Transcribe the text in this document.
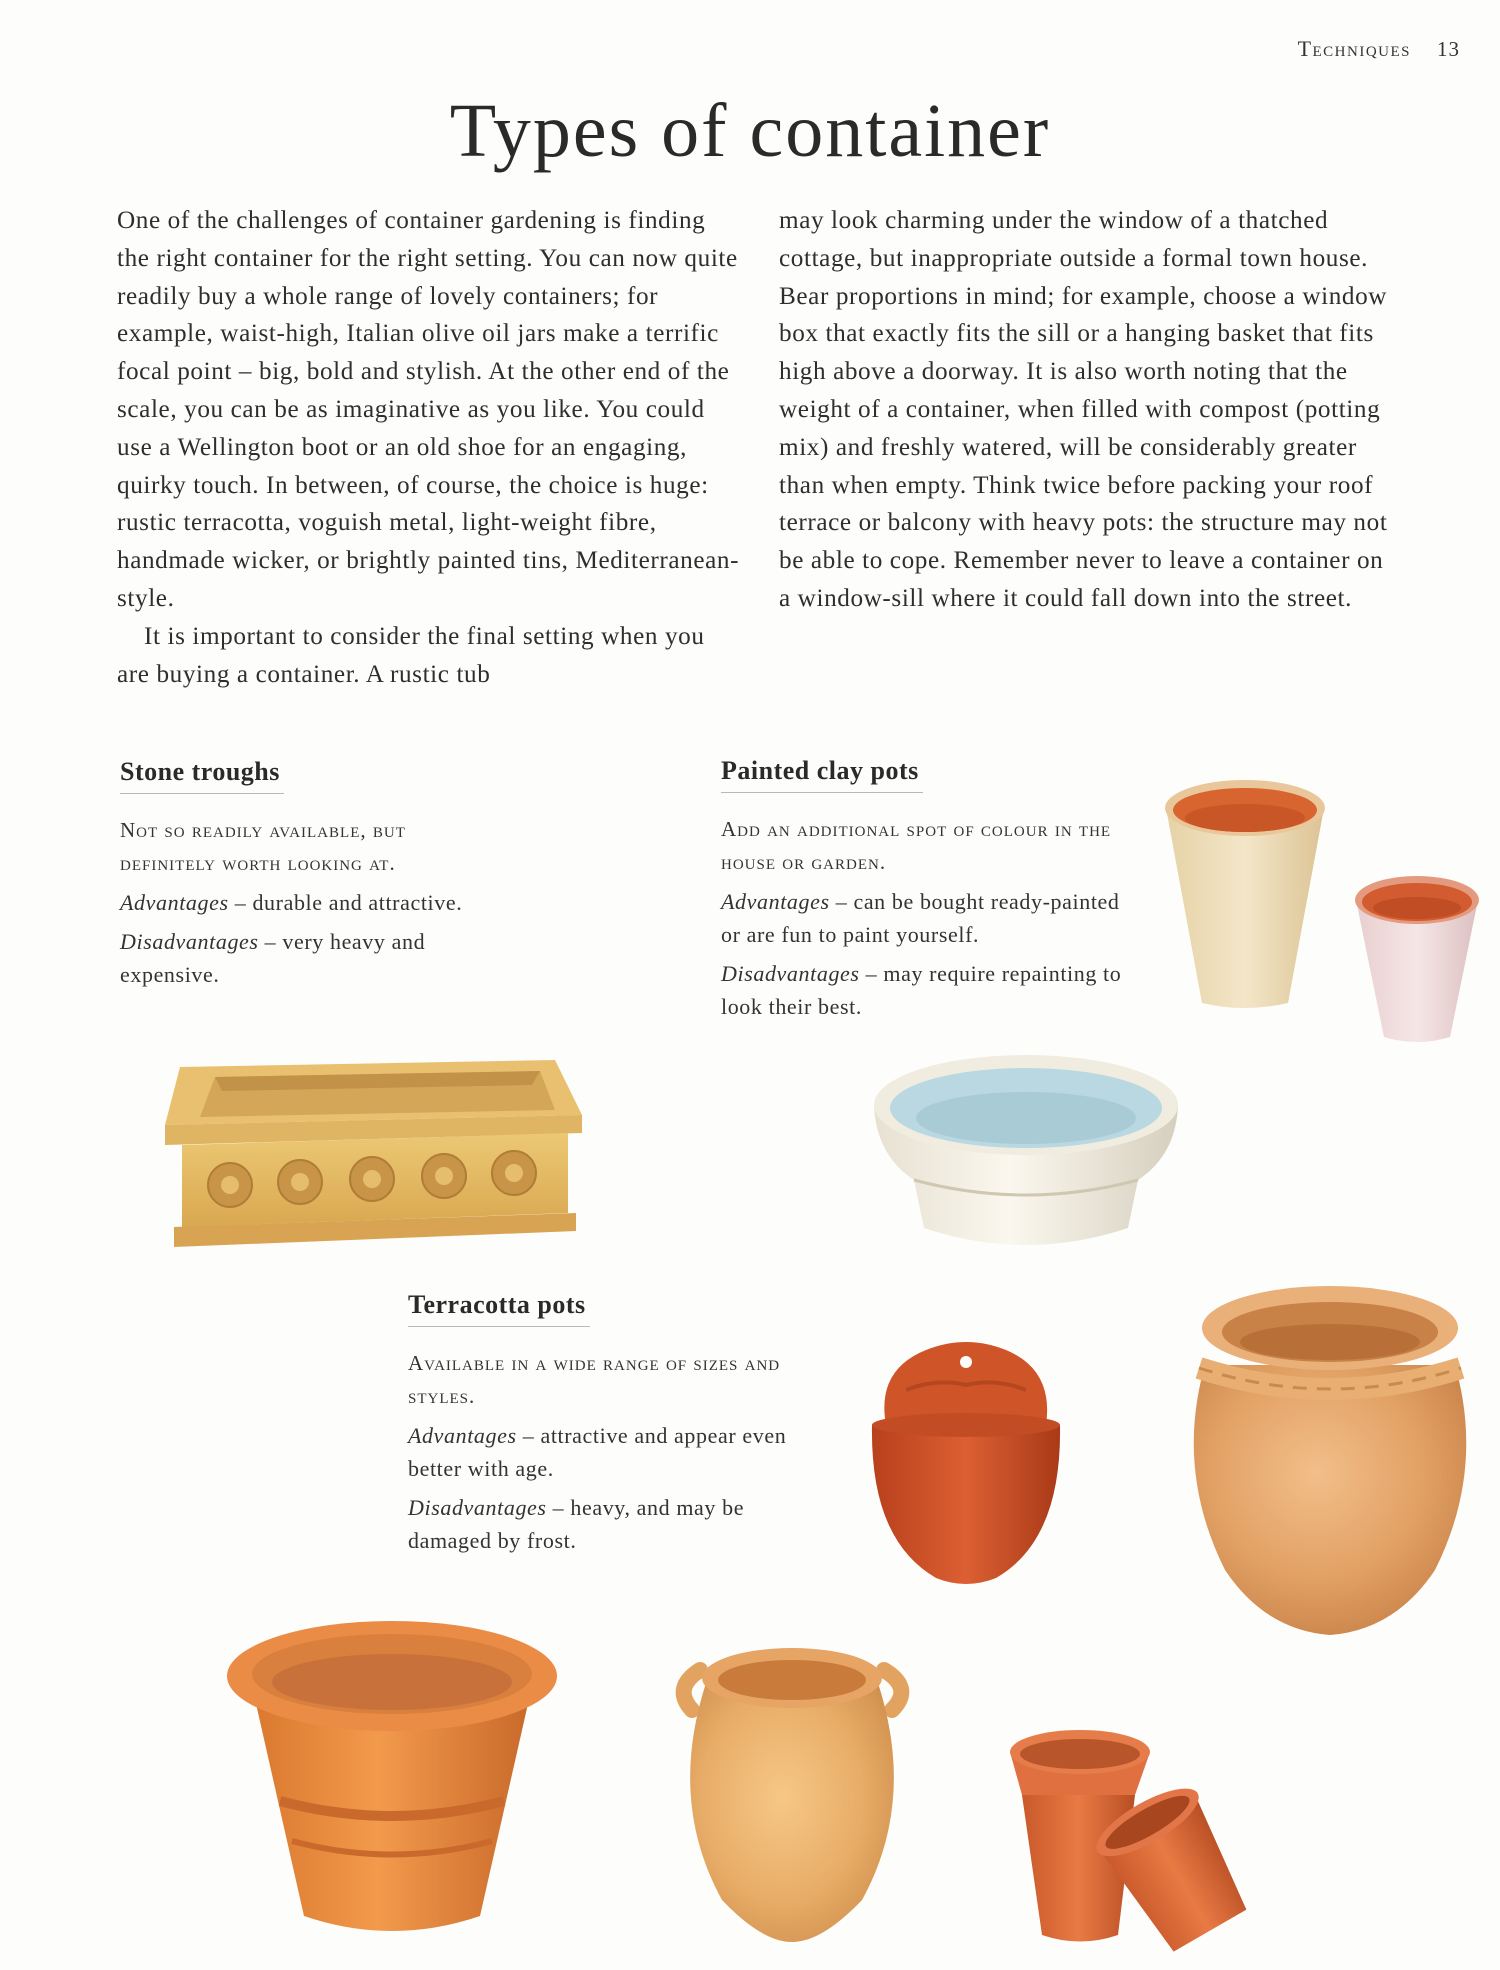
Techniques 13
Types of container

One of the challenges of container gardening is finding the right container for the right setting. You can now quite readily buy a whole range of lovely containers; for example, waist-high, Italian olive oil jars make a terrific focal point – big, bold and stylish. At the other end of the scale, you can be as imaginative as you like. You could use a Wellington boot or an old shoe for an engaging, quirky touch. In between, of course, the choice is huge: rustic terracotta, voguish metal, light-weight fibre, handmade wicker, or brightly painted tins, Mediterranean-style.

It is important to consider the final setting when you are buying a container. A rustic tub

may look charming under the window of a thatched cottage, but inappropriate outside a formal town house. Bear proportions in mind; for example, choose a window box that exactly fits the sill or a hanging basket that fits high above a doorway. It is also worth noting that the weight of a container, when filled with compost (potting mix) and freshly watered, will be considerably greater than when empty. Think twice before packing your roof terrace or balcony with heavy pots: the structure may not be able to cope. Remember never to leave a container on a window-sill where it could fall down into the street.

Stone troughs
Not so readily available, but definitely worth looking at.
Advantages – durable and attractive.
Disadvantages – very heavy and expensive.
Painted clay pots
Add an additional spot of colour in the house or garden.
Advantages – can be bought ready-painted or are fun to paint yourself.
Disadvantages – may require repainting to look their best.
Terracotta pots
Available in a wide range of sizes and styles.
Advantages – attractive and appear even better with age.
Disadvantages – heavy, and may be damaged by frost.
